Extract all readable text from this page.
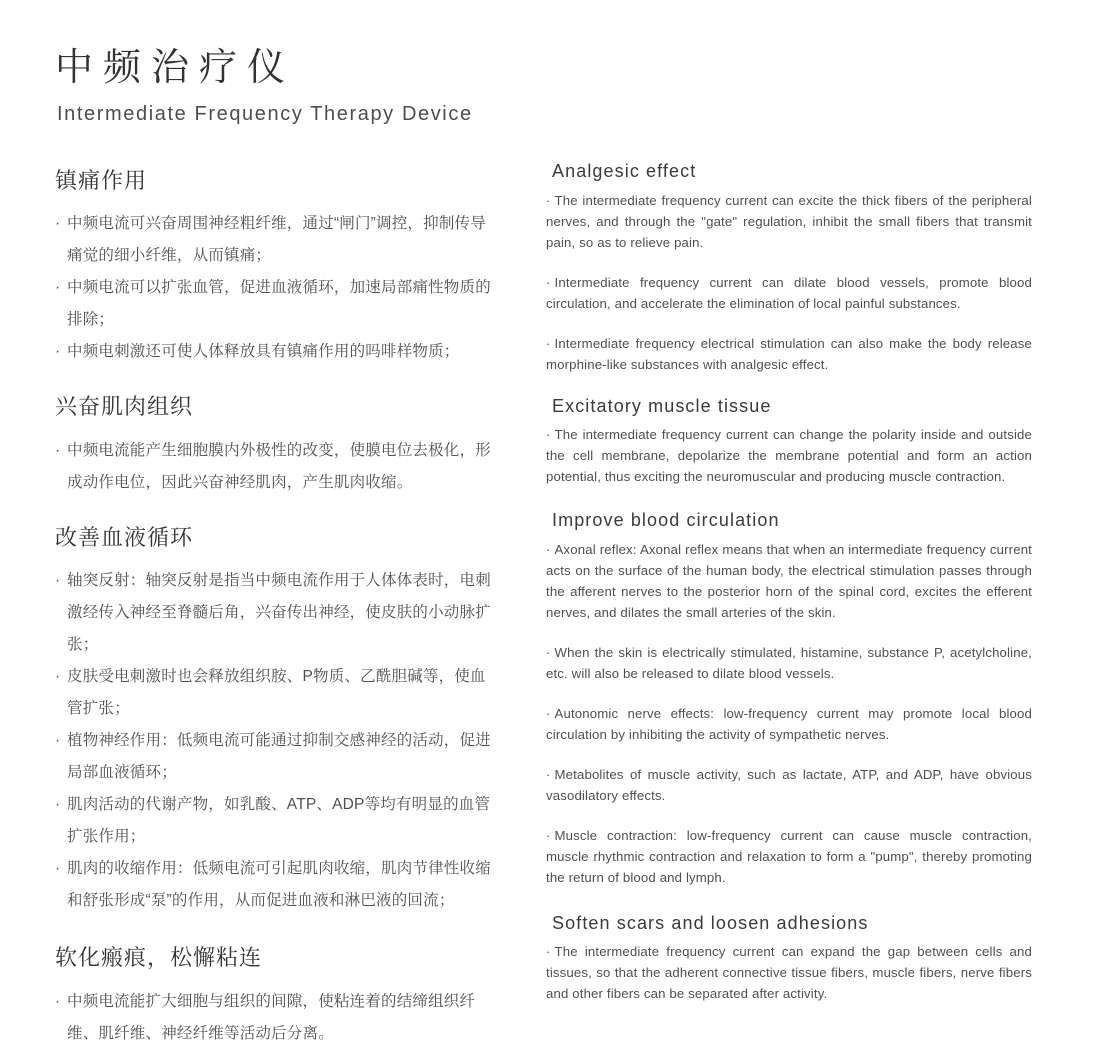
中频治疗仪
Intermediate Frequency Therapy Device
镇痛作用
· 中频电流可兴奋周围神经粗纤维，通过“闸门”调控，抑制传导痛觉的细小纤维，从而镇痛；
· 中频电流可以扩张血管，促进血液循环，加速局部痛性物质的排除；
· 中频电刺激还可使人体释放具有镇痛作用的吗啡样物质；
兴奋肌肉组织
· 中频电流能产生细胞膜内外极性的改变，使膜电位去极化，形成动作电位，因此兴奋神经肌肉，产生肌肉收缩。
改善血液循环
· 轴突反射：轴突反射是指当中频电流作用于人体体表时，电刺激经传入神经至脊髓后角，兴奋传出神经，使皮肤的小动脉扩张；
· 皮肤受电刺激时也会释放组织胺、P物质、乙酰胆碱等，使血管扩张；
· 植物神经作用：低频电流可能通过抑制交感神经的活动，促进局部血液循环；
· 肌肉活动的代谢产物，如乳酸、ATP、ADP等均有明显的血管扩张作用；
· 肌肉的收缩作用：低频电流可引起肌肉收缩，肌肉节律性收缩和舒张形成“泵”的作用，从而促进血液和淋巴液的回流；
软化瘢痕，松懈粘连
· 中频电流能扩大细胞与组织的间隙，使粘连着的结缔组织纤维、肌纤维、神经纤维等活动后分离。
Analgesic effect
· The intermediate frequency current can excite the thick fibers of the peripheral nerves, and through the "gate" regulation, inhibit the small fibers that transmit pain, so as to relieve pain.
· Intermediate frequency current can dilate blood vessels, promote blood circulation, and accelerate the elimination of local painful substances.
· Intermediate frequency electrical stimulation can also make the body release morphine-like substances with analgesic effect.
Excitatory muscle tissue
· The intermediate frequency current can change the polarity inside and outside the cell membrane, depolarize the membrane potential and form an action potential, thus exciting the neuromuscular and producing muscle contraction.
Improve blood circulation
· Axonal reflex: Axonal reflex means that when an intermediate frequency current acts on the surface of the human body, the electrical stimulation passes through the afferent nerves to the posterior horn of the spinal cord, excites the efferent nerves, and dilates the small arteries of the skin.
· When the skin is electrically stimulated, histamine, substance P, acetylcholine, etc. will also be released to dilate blood vessels.
· Autonomic nerve effects: low-frequency current may promote local blood circulation by inhibiting the activity of sympathetic nerves.
· Metabolites of muscle activity, such as lactate, ATP, and ADP, have obvious vasodilatory effects.
· Muscle contraction: low-frequency current can cause muscle contraction, muscle rhythmic contraction and relaxation to form a "pump", thereby promoting the return of blood and lymph.
Soften scars and loosen adhesions
· The intermediate frequency current can expand the gap between cells and tissues, so that the adherent connective tissue fibers, muscle fibers, nerve fibers and other fibers can be separated after activity.
